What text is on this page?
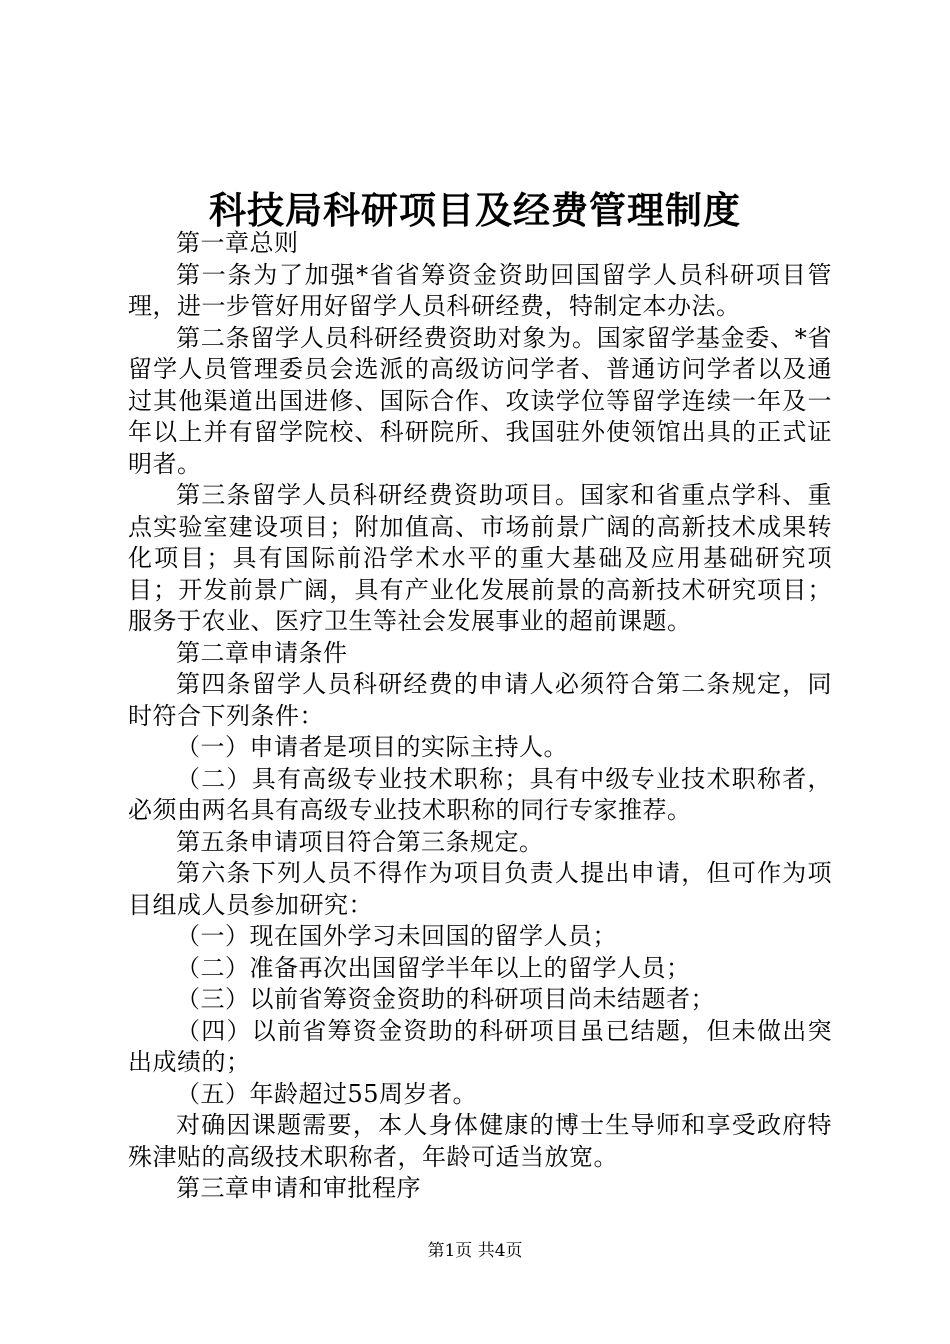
科技局科研项目及经费管理制度

第一章总则

第一条为了加强*省省筹资金资助回国留学人员科研项目管理，进一步管好用好留学人员科研经费，特制定本办法。

第二条留学人员科研经费资助对象为。国家留学基金委、*省留学人员管理委员会选派的高级访问学者、普通访问学者以及通过其他渠道出国进修、国际合作、攻读学位等留学连续一年及一年以上并有留学院校、科研院所、我国驻外使领馆出具的正式证明者。

第三条留学人员科研经费资助项目。国家和省重点学科、重点实验室建设项目；附加值高、市场前景广阔的高新技术成果转化项目；具有国际前沿学术水平的重大基础及应用基础研究项目；开发前景广阔，具有产业化发展前景的高新技术研究项目；服务于农业、医疗卫生等社会发展事业的超前课题。

第二章申请条件

第四条留学人员科研经费的申请人必须符合第二条规定，同时符合下列条件：

（一）申请者是项目的实际主持人。

（二）具有高级专业技术职称；具有中级专业技术职称者，必须由两名具有高级专业技术职称的同行专家推荐。

第五条申请项目符合第三条规定。

第六条下列人员不得作为项目负责人提出申请，但可作为项目组成人员参加研究：

（一）现在国外学习未回国的留学人员；

（二）准备再次出国留学半年以上的留学人员；

（三）以前省筹资金资助的科研项目尚未结题者；

（四）以前省筹资金资助的科研项目虽已结题，但未做出突出成绩的；

（五）年龄超过55周岁者。

对确因课题需要，本人身体健康的博士生导师和享受政府特殊津贴的高级技术职称者，年龄可适当放宽。

第三章申请和审批程序

第1页 共4页
